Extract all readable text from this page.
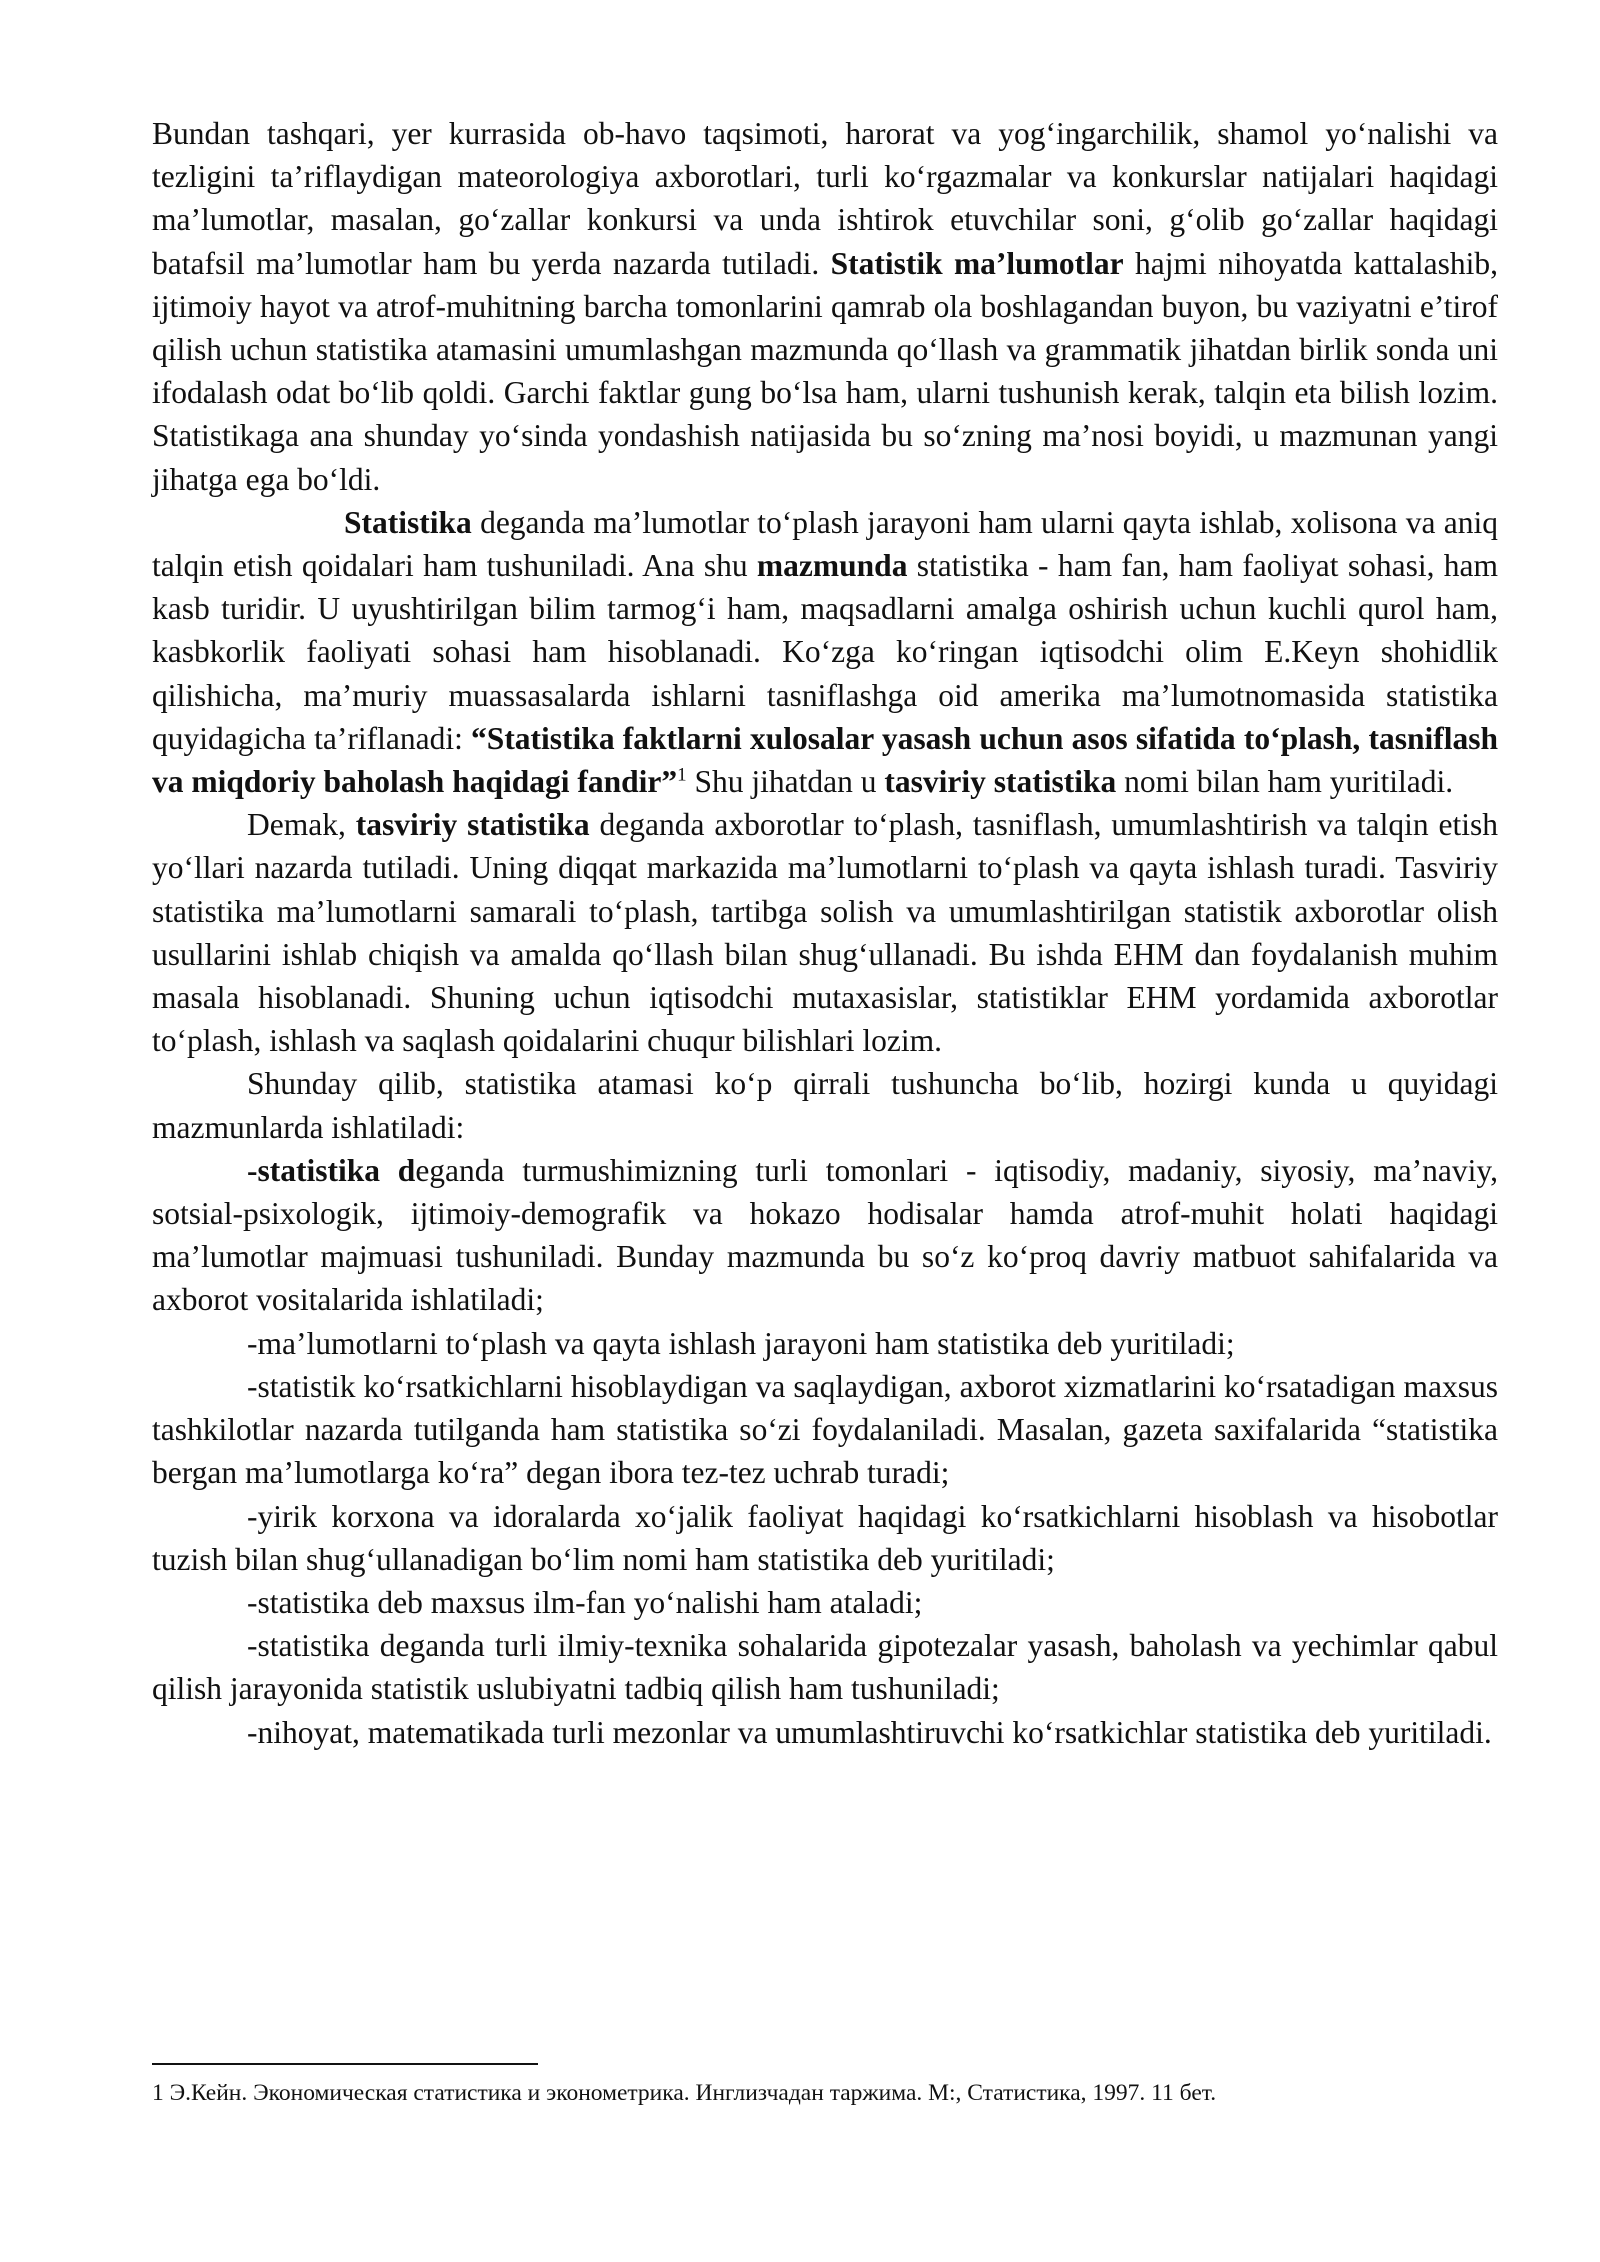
Bundan tashqari, yer kurrasida ob-havo taqsimoti, harorat va yog‘ingarchilik, shamol yo‘nalishi va tezligini ta’riflaydigan mateorologiya axborotlari, turli ko‘rgazmalar va konkurslar natijalari haqidagi ma’lumotlar, masalan, go‘zallar konkursi va unda ishtirok etuvchilar soni, g‘olib go‘zallar haqidagi batafsil ma’lumotlar ham bu yerda nazarda tutiladi. Statistik ma’lumotlar hajmi nihoyatda kattalashib, ijtimoiy hayot va atrof-muhitning barcha tomonlarini qamrab ola boshlagandan buyon, bu vaziyatni e’tirof qilish uchun statistika atamasini umumlashgan mazmunda qo‘llash va grammatik jihatdan birlik sonda uni ifodalash odat bo‘lib qoldi. Garchi faktlar gung bo‘lsa ham, ularni tushunish kerak, talqin eta bilish lozim. Statistikaga ana shunday yo‘sinda yondashish natijasida bu so‘zning ma’nosi boyidi, u mazmunan yangi jihatga ega bo‘ldi.

Statistika deganda ma’lumotlar to‘plash jarayoni ham ularni qayta ishlab, xolisona va aniq talqin etish qoidalari ham tushuniladi. Ana shu mazmunda statistika - ham fan, ham faoliyat sohasi, ham kasb turidir. U uyushtirilgan bilim tarmog‘i ham, maqsadlarni amalga oshirish uchun kuchli qurol ham, kasbkorlik faoliyati sohasi ham hisoblanadi. Ko‘zga ko‘ringan iqtisodchi olim E.Keyn shohidlik qilishicha, ma’muriy muassasalarda ishlarni tasniflashga oid amerika ma’lumotnomasida statistika quyidagicha ta’riflanadi: “Statistika faktlarni xulosalar yasash uchun asos sifatida to‘plash, tasniflash va miqdoriy baholash haqidagi fandir”$^1$ Shu jihatdan u tasviriy statistika nomi bilan ham yuritiladi.

Demak, tasviriy statistika deganda axborotlar to‘plash, tasniflash, umumlashtirish va talqin etish yo‘llari nazarda tutiladi. Uning diqqat markazida ma’lumotlarni to‘plash va qayta ishlash turadi. Tasviriy statistika ma’lumotlarni samarali to‘plash, tartibga solish va umumlashtirilgan statistik axborotlar olish usullarini ishlab chiqish va amalda qo‘llash bilan shug‘ullanadi. Bu ishda EHM dan foydalanish muhim masala hisoblanadi. Shuning uchun iqtisodchi mutaxasislar, statistiklar EHM yordamida axborotlar to‘plash, ishlash va saqlash qoidalarini chuqur bilishlari lozim.

Shunday qilib, statistika atamasi ko‘p qirrali tushuncha bo‘lib, hozirgi kunda u quyidagi mazmunlarda ishlatiladi:

-statistika deganda turmushimizning turli tomonlari - iqtisodiy, madaniy, siyosiy, ma’naviy, sotsial-psixologik, ijtimoiy-demografik va hokazo hodisalar hamda atrof-muhit holati haqidagi ma’lumotlar majmuasi tushuniladi. Bunday mazmunda bu so‘z ko‘proq davriy matbuot sahifalarida va axborot vositalarida ishlatiladi;

-ma’lumotlarni to‘plash va qayta ishlash jarayoni ham statistika deb yuritiladi;

-statistik ko‘rsatkichlarni hisoblaydigan va saqlaydigan, axborot xizmatlarini ko‘rsatadigan maxsus tashkilotlar nazarda tutilganda ham statistika so‘zi foydalaniladi. Masalan, gazeta saxifalarida “statistika bergan ma’lumotlarga ko‘ra” degan ibora tez-tez uchrab turadi;

-yirik korxona va idoralarda xo‘jalik faoliyat haqidagi ko‘rsatkichlarni hisoblash va hisobotlar tuzish bilan shug‘ullanadigan bo‘lim nomi ham statistika deb yuritiladi;

-statistika deb maxsus ilm-fan yo‘nalishi ham ataladi;

-statistika deganda turli ilmiy-texnika sohalarida gipotezalar yasash, baholash va yechimlar qabul qilish jarayonida statistik uslubiyatni tadbiq qilish ham tushuniladi;

-nihoyat, matematikada turli mezonlar va umumlashtiruvchi ko‘rsatkichlar statistika deb yuritiladi.

1 Э.Кейн. Экономическая статистика и эконометрика. Инглизчадан таржима. М:, Статистика, 1997. 11 бет.
